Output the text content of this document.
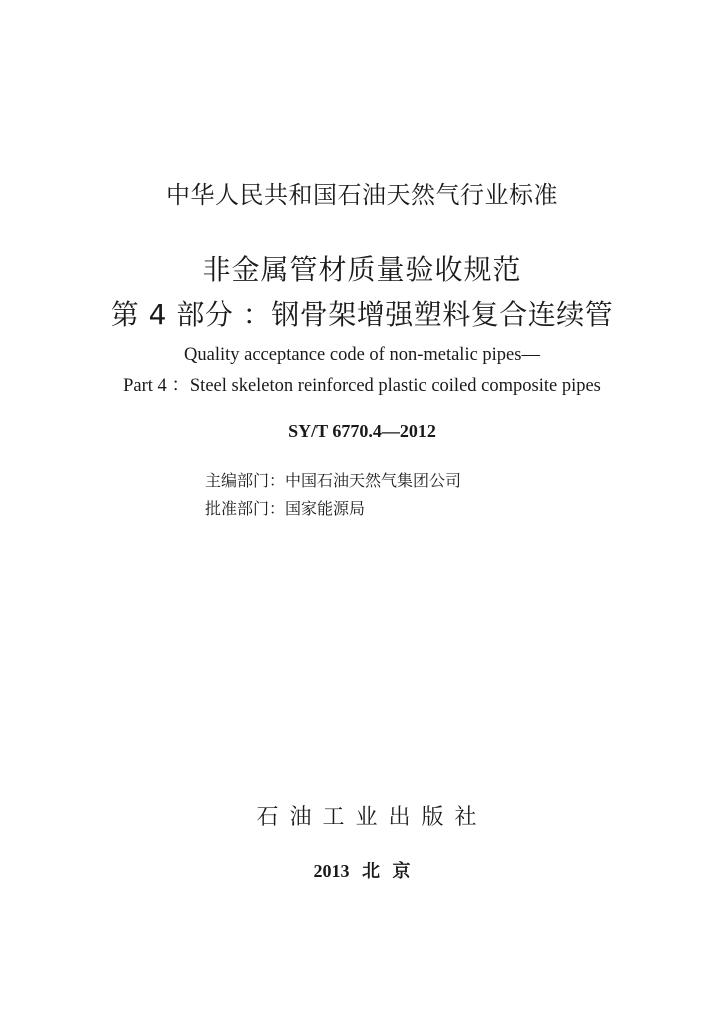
中华人民共和国石油天然气行业标准
非金属管材质量验收规范
第 4 部分 ：钢骨架增强塑料复合连续管
Quality acceptance code of non-metalic pipes—
Part 4 ：Steel skeleton reinforced plastic coiled composite pipes
SY/T 6770.4—2012
主编部门：中国石油天然气集团公司
批准部门：国家能源局
石油工业出版社
2013 北 京
